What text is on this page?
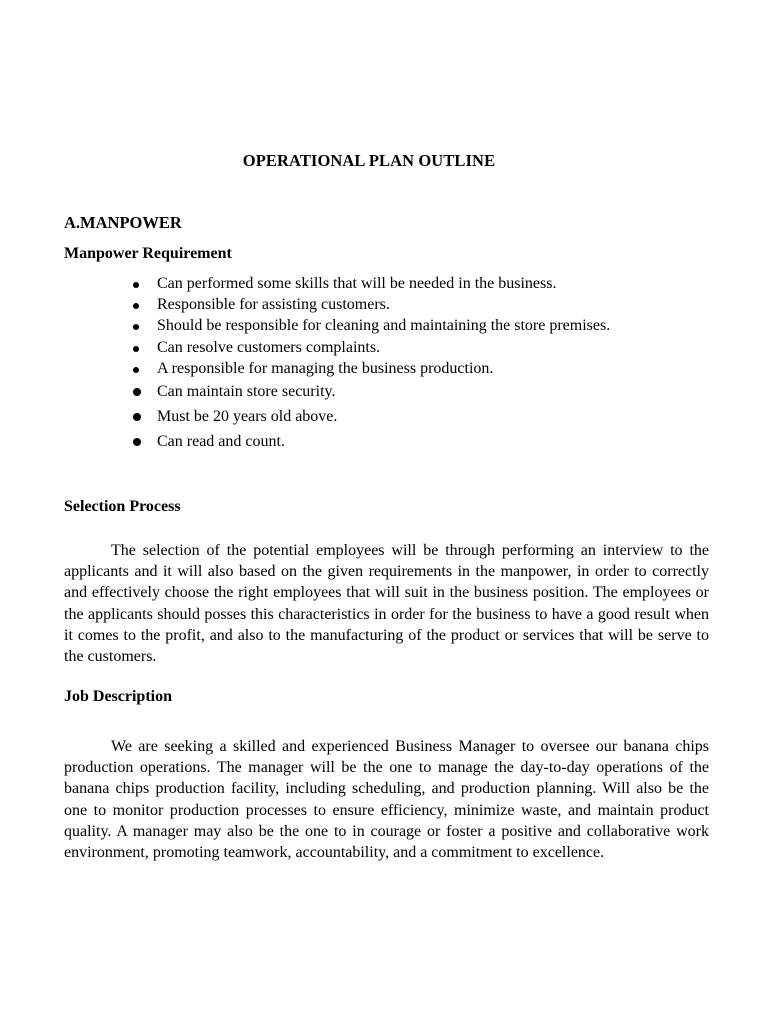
OPERATIONAL PLAN OUTLINE
A.MANPOWER
Manpower Requirement
Can performed some skills that will be needed in the business.
Responsible for assisting customers.
Should be responsible for cleaning and maintaining the store premises.
Can resolve customers complaints.
A responsible for managing the business production.
Can maintain store security.
Must be 20 years old above.
Can read and count.
Selection Process

The selection of the potential employees will be through performing an interview to the applicants and it will also based on the given requirements in the manpower, in order to correctly and effectively choose the right employees that will suit in the business position. The employees or the applicants should posses this characteristics in order for the business to have a good result when it comes to the profit, and also to the manufacturing of the product or services that will be serve to the customers.

Job Description

We are seeking a skilled and experienced Business Manager to oversee our banana chips production operations. The manager will be the one to manage the day-to-day operations of the banana chips production facility, including scheduling, and production planning. Will also be the one to monitor production processes to ensure efficiency, minimize waste, and maintain product quality. A manager may also be the one to in courage or foster a positive and collaborative work environment, promoting teamwork, accountability, and a commitment to excellence.
